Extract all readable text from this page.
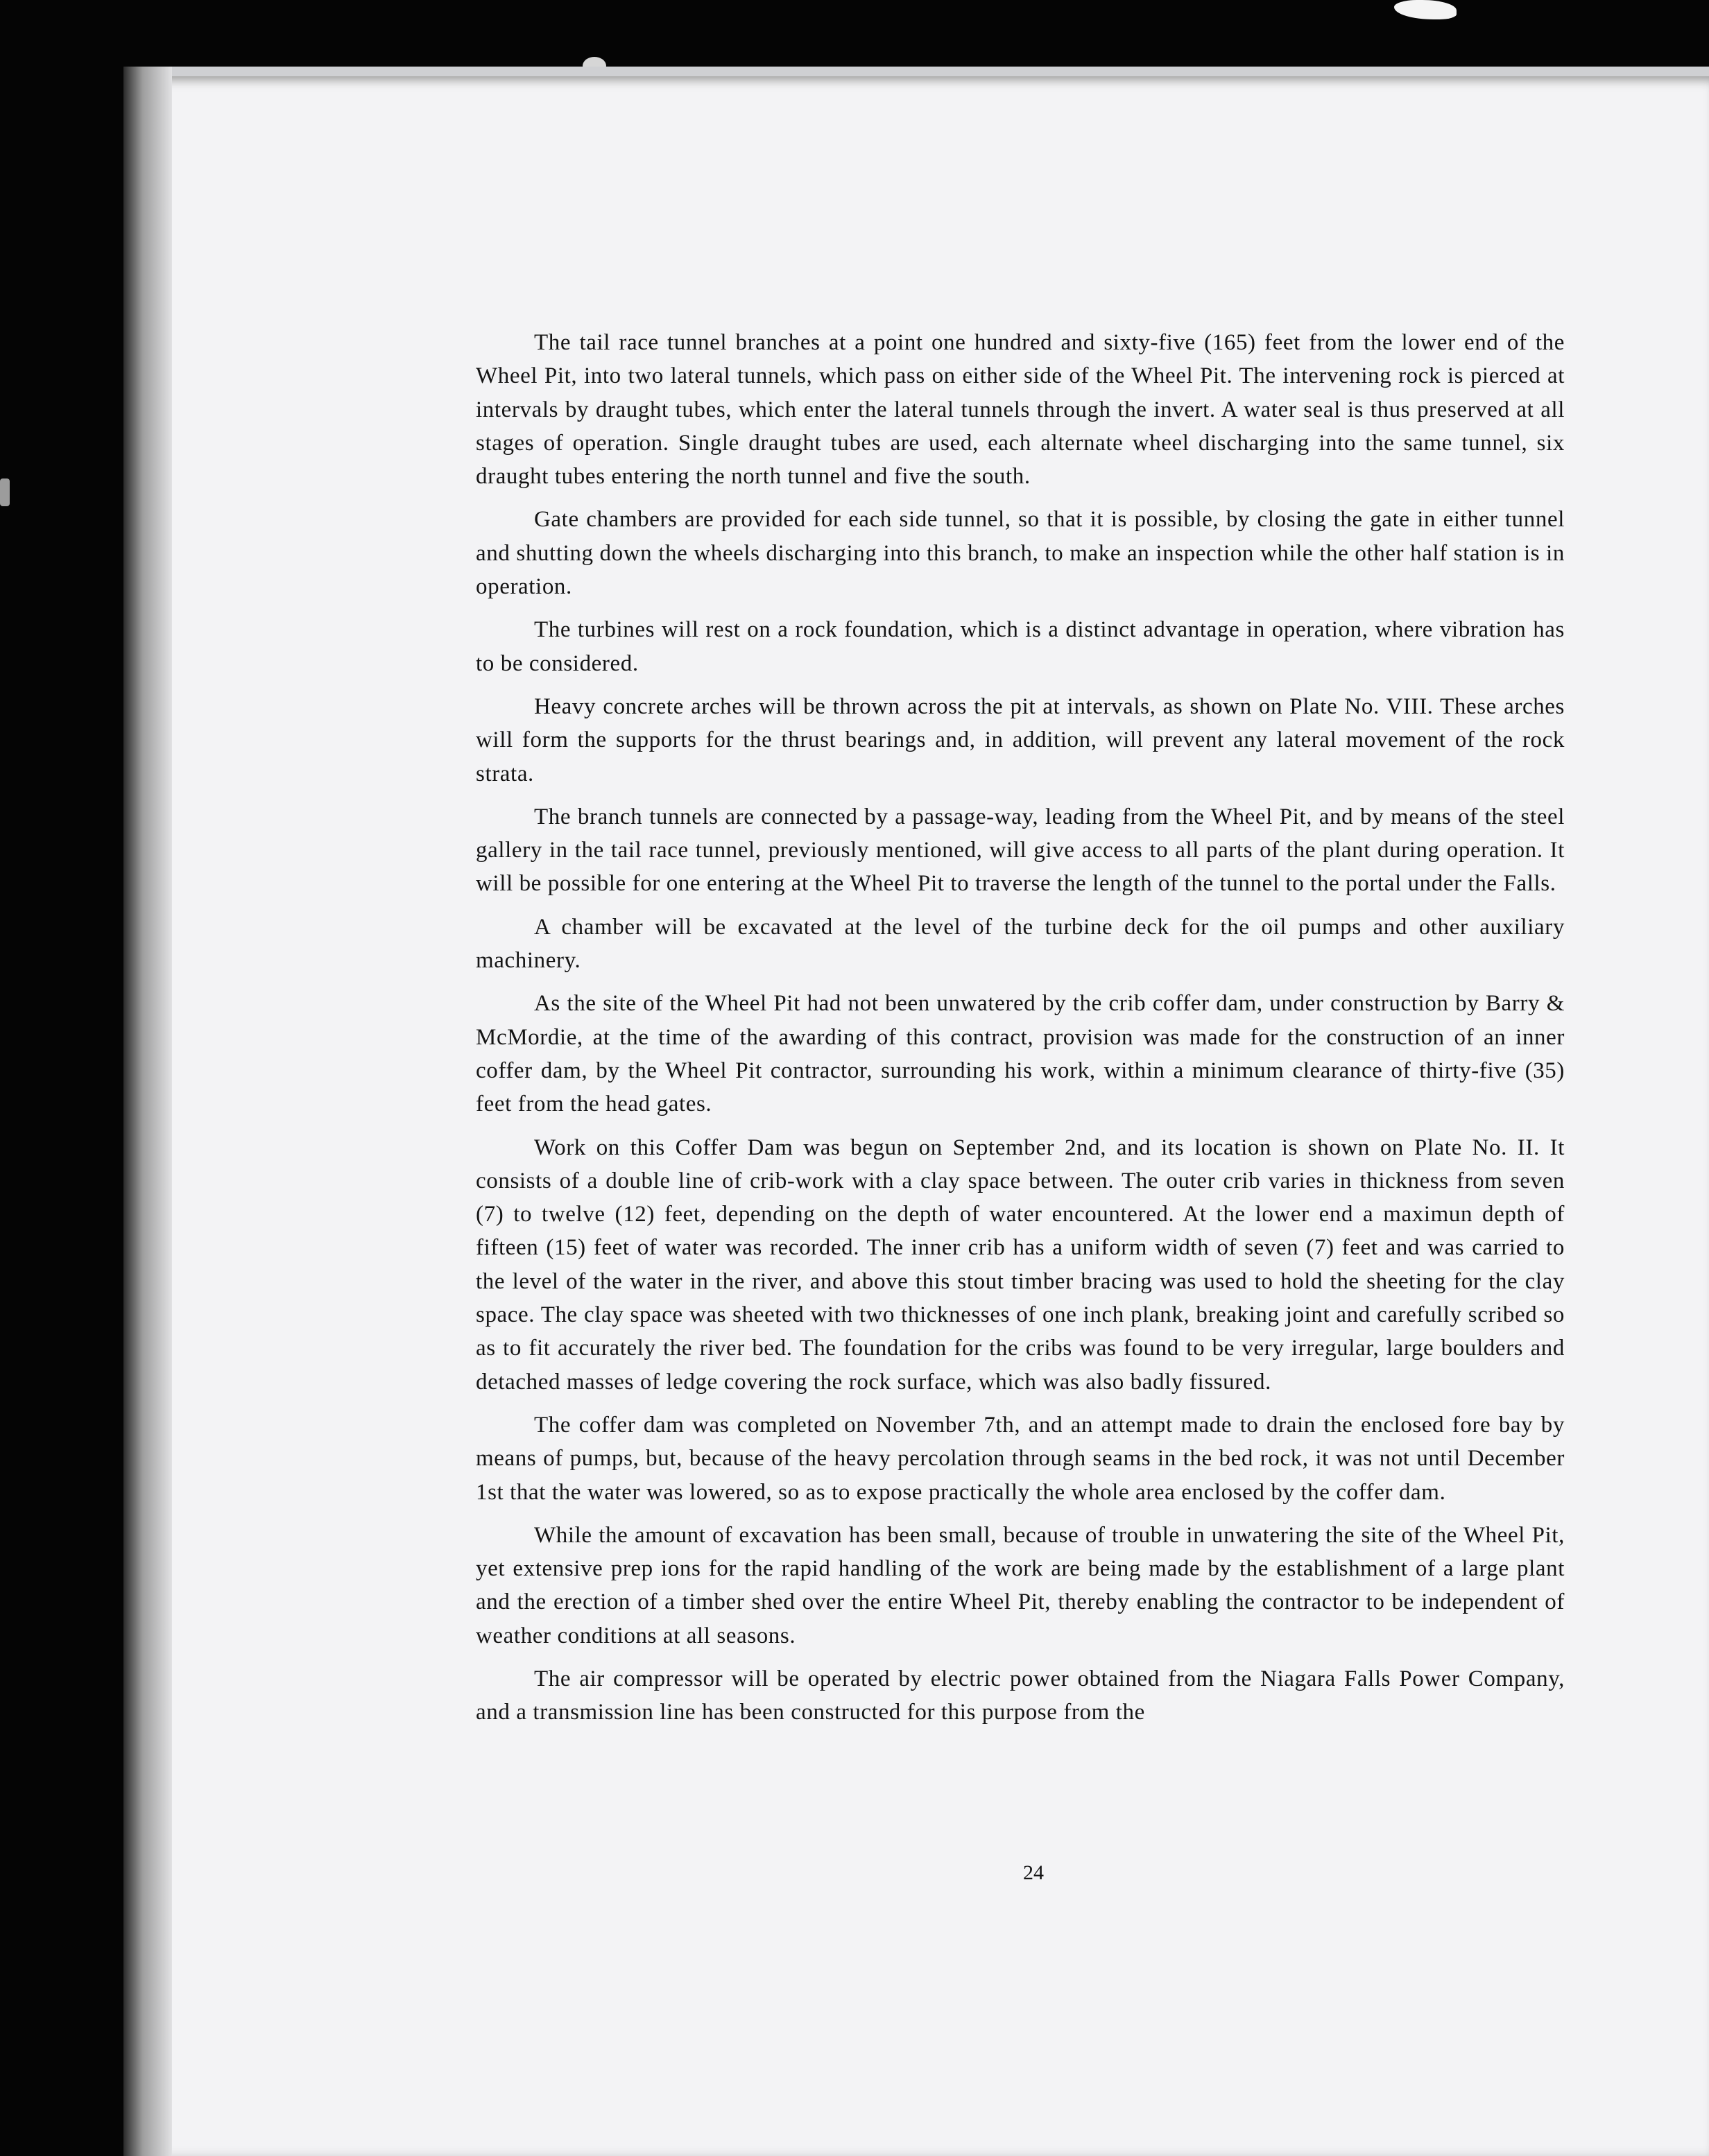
The tail race tunnel branches at a point one hundred and sixty-five (165) feet from the lower end of the Wheel Pit, into two lateral tunnels, which pass on either side of the Wheel Pit. The intervening rock is pierced at intervals by draught tubes, which enter the lateral tunnels through the invert. A water seal is thus preserved at all stages of operation. Single draught tubes are used, each alternate wheel discharging into the same tunnel, six draught tubes entering the north tunnel and five the south.

Gate chambers are provided for each side tunnel, so that it is possible, by closing the gate in either tunnel and shutting down the wheels discharging into this branch, to make an inspection while the other half station is in operation.

The turbines will rest on a rock foundation, which is a distinct advantage in operation, where vibration has to be considered.

Heavy concrete arches will be thrown across the pit at intervals, as shown on Plate No. VIII. These arches will form the supports for the thrust bearings and, in addition, will prevent any lateral movement of the rock strata.

The branch tunnels are connected by a passage-way, leading from the Wheel Pit, and by means of the steel gallery in the tail race tunnel, previously mentioned, will give access to all parts of the plant during operation. It will be possible for one entering at the Wheel Pit to traverse the length of the tunnel to the portal under the Falls.

A chamber will be excavated at the level of the turbine deck for the oil pumps and other auxiliary machinery.

As the site of the Wheel Pit had not been unwatered by the crib coffer dam, under construction by Barry & McMordie, at the time of the awarding of this contract, provision was made for the construction of an inner coffer dam, by the Wheel Pit contractor, surrounding his work, within a minimum clearance of thirty-five (35) feet from the head gates.

Work on this Coffer Dam was begun on September 2nd, and its location is shown on Plate No. II. It consists of a double line of crib-work with a clay space between. The outer crib varies in thickness from seven (7) to twelve (12) feet, depending on the depth of water encountered. At the lower end a maximun depth of fifteen (15) feet of water was recorded. The inner crib has a uniform width of seven (7) feet and was carried to the level of the water in the river, and above this stout timber bracing was used to hold the sheeting for the clay space. The clay space was sheeted with two thicknesses of one inch plank, breaking joint and carefully scribed so as to fit accurately the river bed. The foundation for the cribs was found to be very irregular, large boulders and detached masses of ledge covering the rock surface, which was also badly fissured.

The coffer dam was completed on November 7th, and an attempt made to drain the enclosed fore bay by means of pumps, but, because of the heavy percolation through seams in the bed rock, it was not until December 1st that the water was lowered, so as to expose practically the whole area enclosed by the coffer dam.

While the amount of excavation has been small, because of trouble in unwatering the site of the Wheel Pit, yet extensive prep ions for the rapid handling of the work are being made by the establishment of a large plant and the erection of a timber shed over the entire Wheel Pit, thereby enabling the contractor to be independent of weather conditions at all seasons.

The air compressor will be operated by electric power obtained from the Niagara Falls Power Company, and a transmission line has been constructed for this purpose from the

24
